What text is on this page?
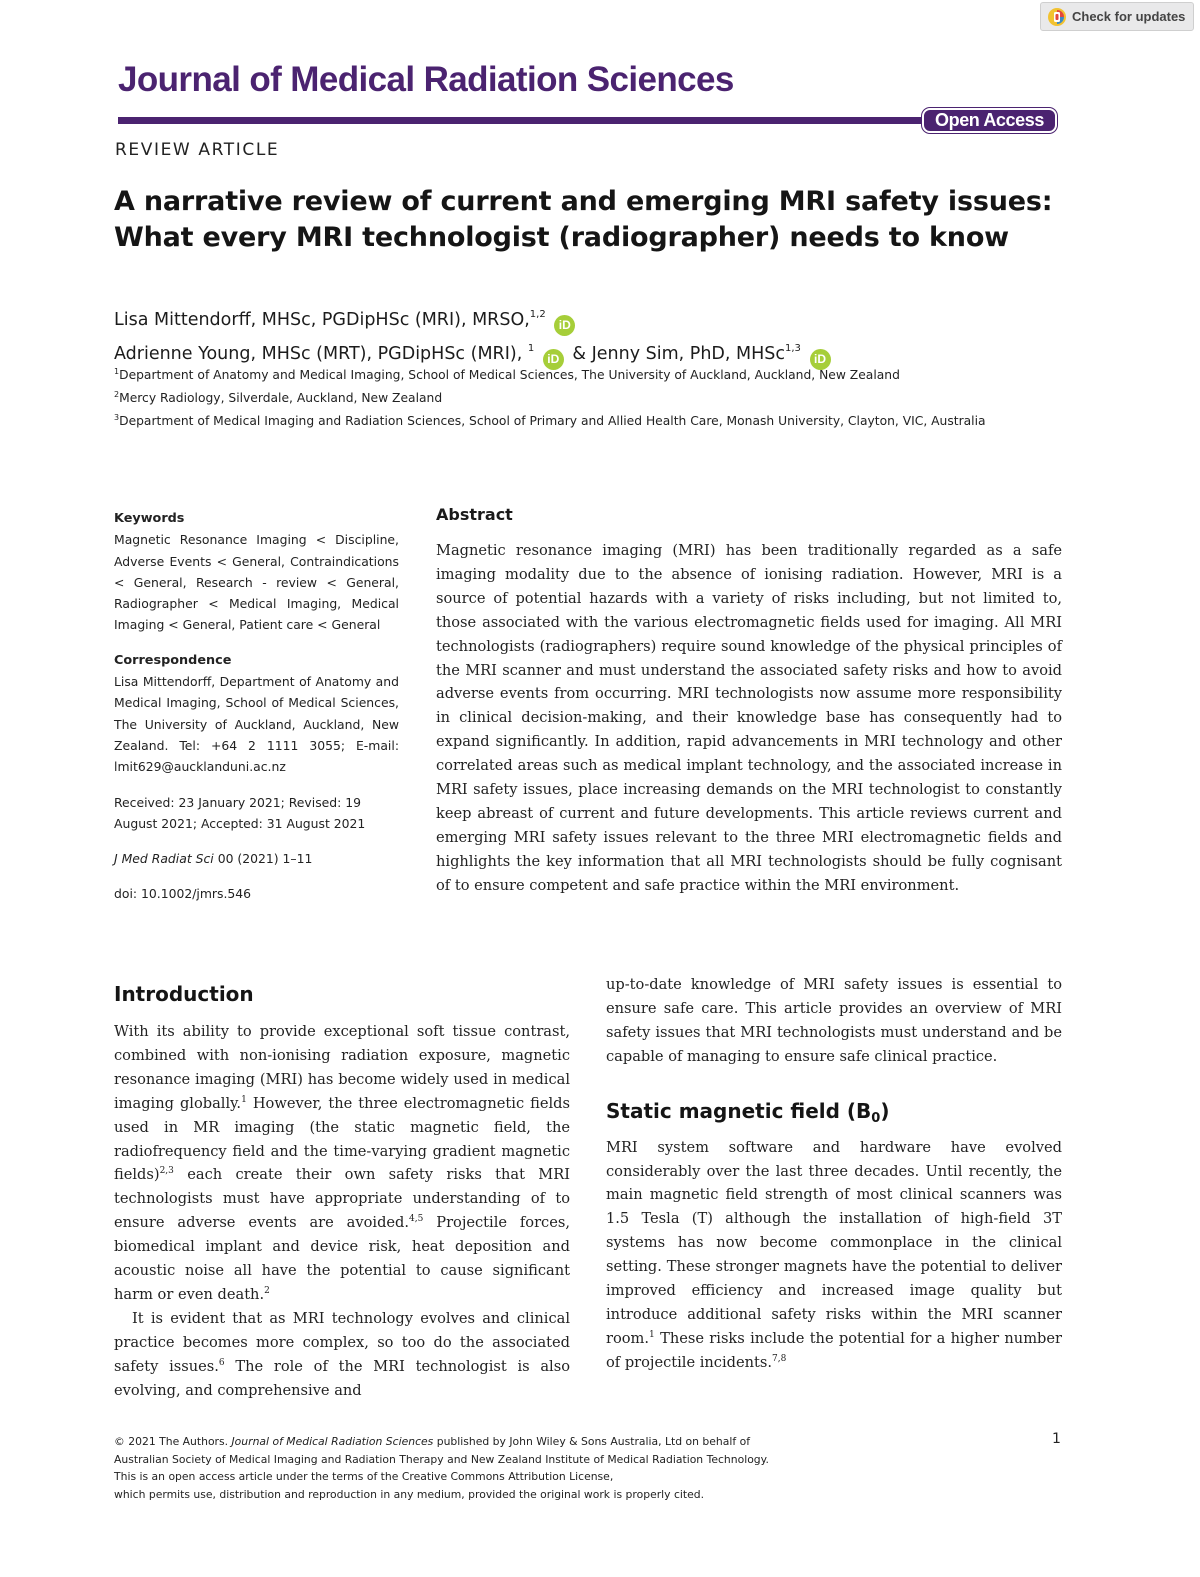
Check for updates
Journal of Medical Radiation Sciences
Open Access
REVIEW ARTICLE
A narrative review of current and emerging MRI safety issues: What every MRI technologist (radiographer) needs to know
Lisa Mittendorff, MHSc, PGDipHSc (MRI), MRSO,$^{1,2}$ iD
Adrienne Young, MHSc (MRT), PGDipHSc (MRI), $^1$ iD & Jenny Sim, PhD, MHSc$^{1,3}$ iD
$^1$Department of Anatomy and Medical Imaging, School of Medical Sciences, The University of Auckland, Auckland, New Zealand
$^2$Mercy Radiology, Silverdale, Auckland, New Zealand
$^3$Department of Medical Imaging and Radiation Sciences, School of Primary and Allied Health Care, Monash University, Clayton, VIC, Australia
Keywords
Magnetic Resonance Imaging < Discipline, Adverse Events < General, Contraindications < General, Research - review < General, Radiographer < Medical Imaging, Medical Imaging < General, Patient care < General
Correspondence
Lisa Mittendorff, Department of Anatomy and Medical Imaging, School of Medical Sciences, The University of Auckland, Auckland, New Zealand. Tel: +64 2 1111 3055; E-mail: lmit629@aucklanduni.ac.nz
Received: 23 January 2021; Revised: 19 August 2021; Accepted: 31 August 2021
J Med Radiat Sci 00 (2021) 1–11
doi: 10.1002/jmrs.546
Abstract
Magnetic resonance imaging (MRI) has been traditionally regarded as a safe imaging modality due to the absence of ionising radiation. However, MRI is a source of potential hazards with a variety of risks including, but not limited to, those associated with the various electromagnetic fields used for imaging. All MRI technologists (radiographers) require sound knowledge of the physical principles of the MRI scanner and must understand the associated safety risks and how to avoid adverse events from occurring. MRI technologists now assume more responsibility in clinical decision-making, and their knowledge base has consequently had to expand significantly. In addition, rapid advancements in MRI technology and other correlated areas such as medical implant technology, and the associated increase in MRI safety issues, place increasing demands on the MRI technologist to constantly keep abreast of current and future developments. This article reviews current and emerging MRI safety issues relevant to the three MRI electromagnetic fields and highlights the key information that all MRI technologists should be fully cognisant of to ensure competent and safe practice within the MRI environment.
Introduction

With its ability to provide exceptional soft tissue contrast, combined with non-ionising radiation exposure, magnetic resonance imaging (MRI) has become widely used in medical imaging globally.$^1$ However, the three electromagnetic fields used in MR imaging (the static magnetic field, the radiofrequency field and the time-varying gradient magnetic fields)$^{2,3}$ each create their own safety risks that MRI technologists must have appropriate understanding of to ensure adverse events are avoided.$^{4,5}$ Projectile forces, biomedical implant and device risk, heat deposition and acoustic noise all have the potential to cause significant harm or even death.$^2$

It is evident that as MRI technology evolves and clinical practice becomes more complex, so too do the associated safety issues.$^6$ The role of the MRI technologist is also evolving, and comprehensive and

up-to-date knowledge of MRI safety issues is essential to ensure safe care. This article provides an overview of MRI safety issues that MRI technologists must understand and be capable of managing to ensure safe clinical practice.

Static magnetic field $(B_0)$

MRI system software and hardware have evolved considerably over the last three decades. Until recently, the main magnetic field strength of most clinical scanners was 1.5 Tesla (T) although the installation of high-field 3T systems has now become commonplace in the clinical setting. These stronger magnets have the potential to deliver improved efficiency and increased image quality but introduce additional safety risks within the MRI scanner room.$^1$ These risks include the potential for a higher number of projectile incidents.$^{7,8}$

© 2021 The Authors. Journal of Medical Radiation Sciences published by John Wiley & Sons Australia, Ltd on behalf of
Australian Society of Medical Imaging and Radiation Therapy and New Zealand Institute of Medical Radiation Technology.
This is an open access article under the terms of the Creative Commons Attribution License,
which permits use, distribution and reproduction in any medium, provided the original work is properly cited.
1
